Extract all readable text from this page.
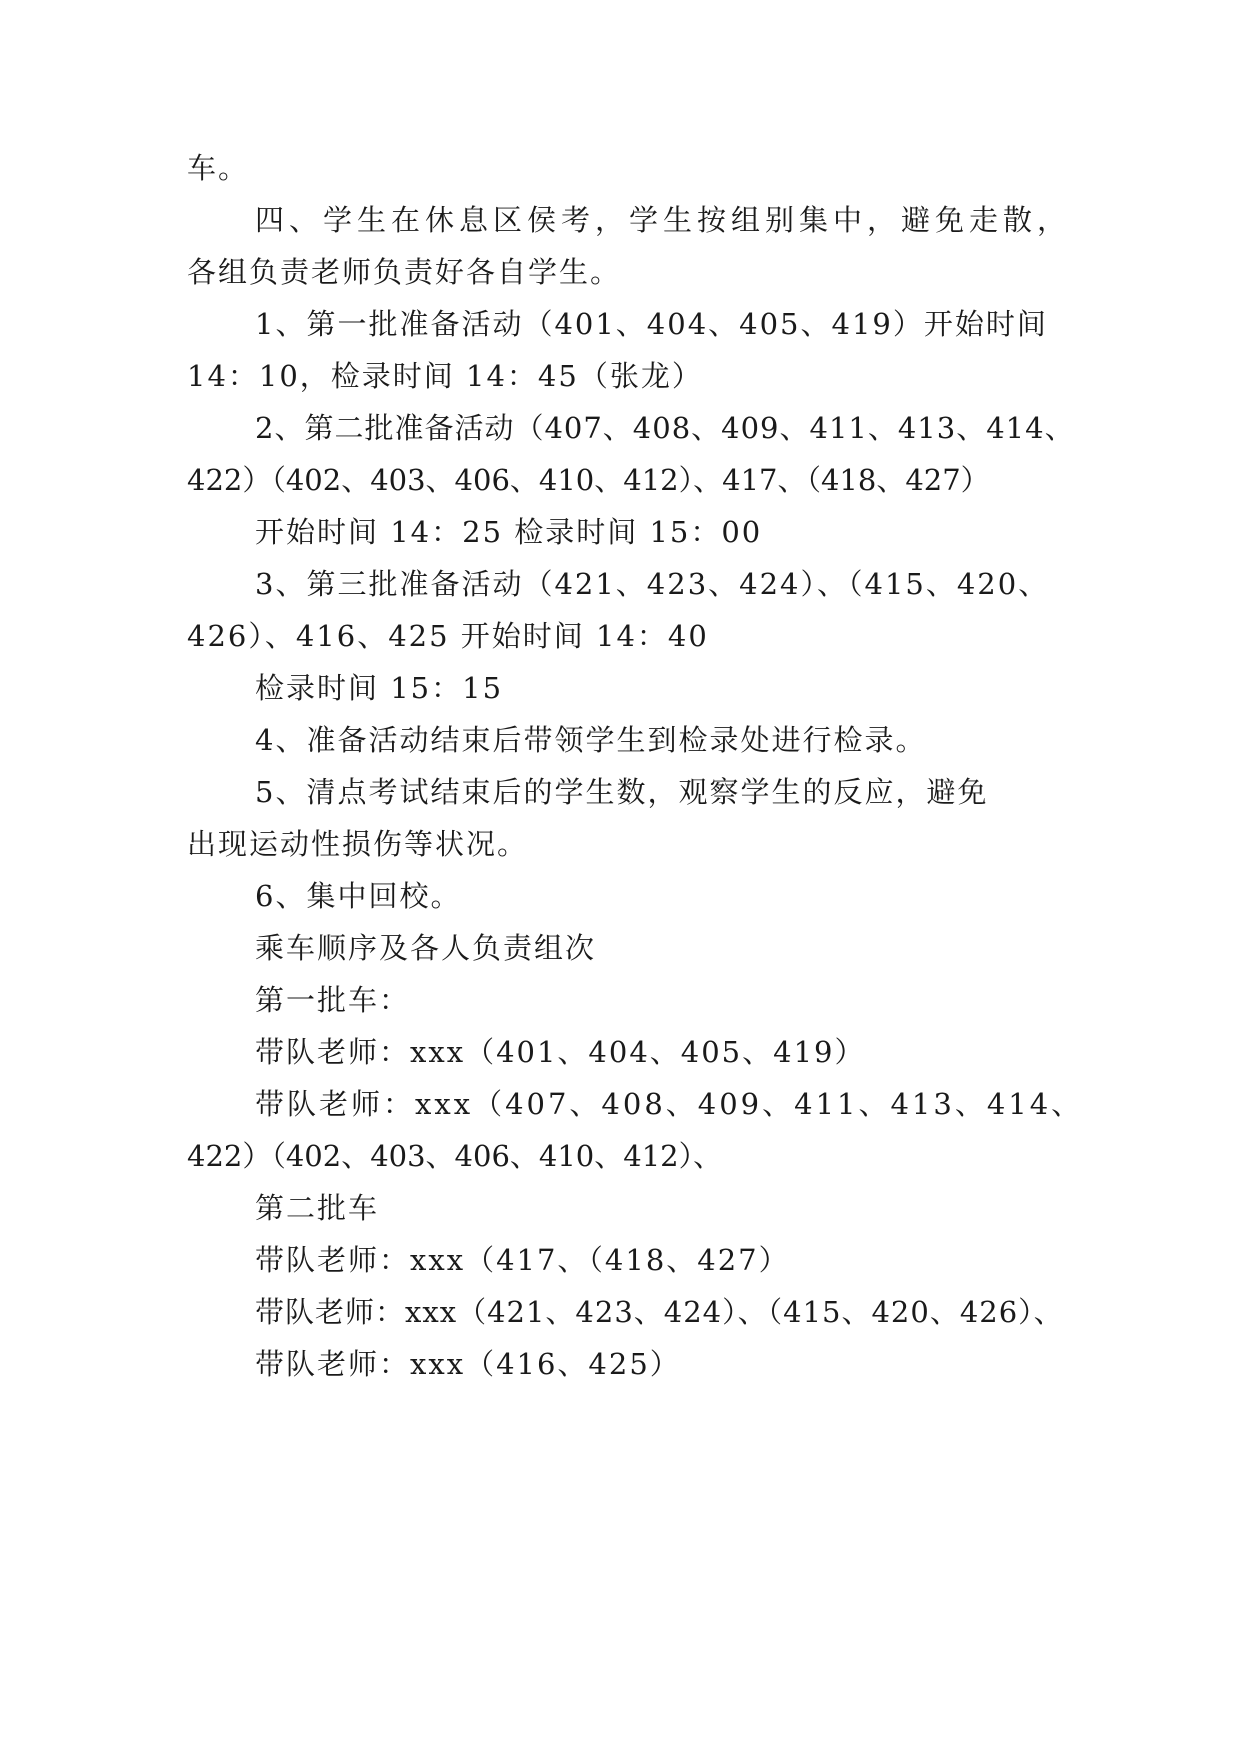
车。
四、学生在休息区侯考，学生按组别集中，避免走散，
各组负责老师负责好各自学生。
1、第一批准备活动（401、404、405、419）开始时间
14：10，检录时间 14：45（张龙）
2、第二批准备活动（407、408、409、411、413、414、
422）（402、403、406、410、412）、417、（418、427）
开始时间 14：25 检录时间 15：00
3、第三批准备活动（421、423、424）、（415、420、
426）、416、425 开始时间 14：40
检录时间 15：15
4、准备活动结束后带领学生到检录处进行检录。
5、清点考试结束后的学生数，观察学生的反应，避免
出现运动性损伤等状况。
6、集中回校。
乘车顺序及各人负责组次
第一批车：
带队老师：xxx（401、404、405、419）
带队老师：xxx（407、408、409、411、413、414、
422）（402、403、406、410、412）、
第二批车
带队老师：xxx（417、（418、427）
带队老师：xxx（421、423、424）、（415、420、426）、
带队老师：xxx（416、425）
